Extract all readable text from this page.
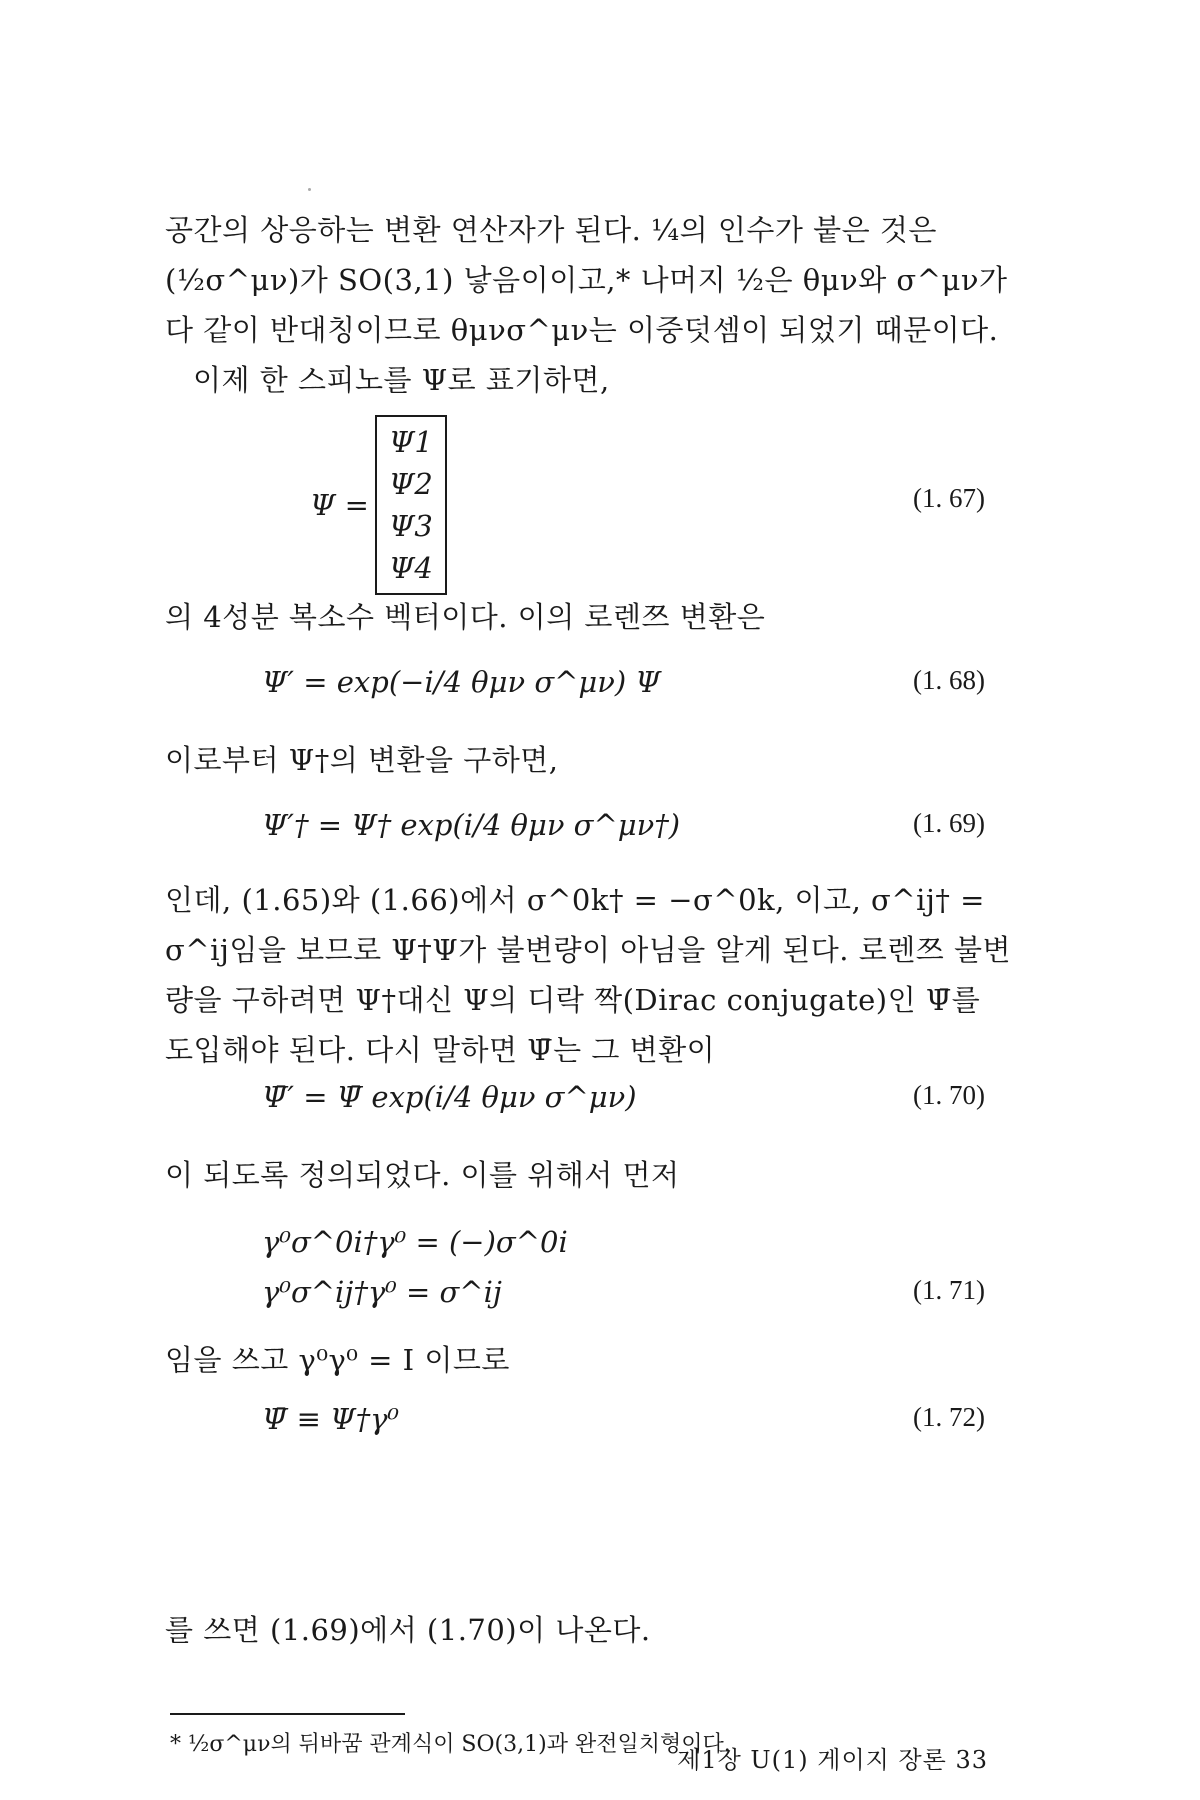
공간의 상응하는 변환 연산자가 된다. ¼의 인수가 붙은 것은 (½σ^μν)가 SO(3,1) 낳음이이고,* 나머지 ½은 θμν와 σ^μν가 다 같이 반대칭이므로 θμνσ^μν는 이중덧셈이 되었기 때문이다.
이제 한 스피노를 Ψ로 표기하면,
Ψ =
Ψ1
Ψ2
Ψ3
Ψ4
(1. 67)
의 4성분 복소수 벡터이다. 이의 로렌쯔 변환은
Ψ′ = exp(−i/4 θμν σ^μν) Ψ	(1. 68)
이로부터 Ψ†의 변환을 구하면,
Ψ′† = Ψ† exp(i/4 θμν σ^μν†)	(1. 69)
인데, (1.65)와 (1.66)에서 σ^0k† = −σ^0k, 이고, σ^ij† = σ^ij임을 보므로 Ψ†Ψ가 불변량이 아님을 알게 된다. 로렌쯔 불변량을 구하려면 Ψ†대신 Ψ의 디락 짝(Dirac conjugate)인 Ψ̄를 도입해야 된다. 다시 말하면 Ψ̄는 그 변환이
Ψ̄′ = Ψ̄ exp(i/4 θμν σ^μν)	(1. 70)
이 되도록 정의되었다. 이를 위해서 먼저
γ⁰σ^0i†γ⁰ = (−)σ^0i
γ⁰σ^ij†γ⁰ = σ^ij	(1. 71)
임을 쓰고 γ⁰γ⁰ = I 이므로
Ψ̄ ≡ Ψ†γ⁰	(1. 72)
를 쓰면 (1.69)에서 (1.70)이 나온다.
* ½σ^μν의 뒤바꿈 관계식이 SO(3,1)과 완전일치형이다.
제1장 U(1) 게이지 장론 33
